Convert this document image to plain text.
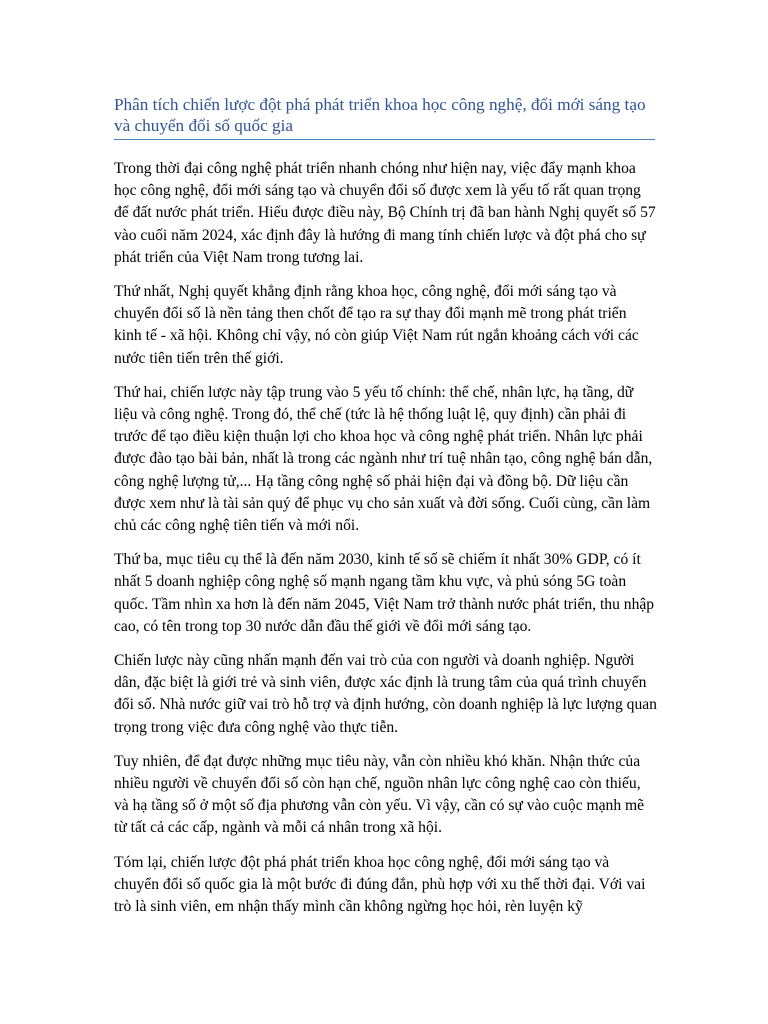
Phân tích chiến lược đột phá phát triển khoa học công nghệ, đổi mới sáng tạo và chuyển đổi số quốc gia

Trong thời đại công nghệ phát triển nhanh chóng như hiện nay, việc đẩy mạnh khoa học công nghệ, đổi mới sáng tạo và chuyển đổi số được xem là yếu tố rất quan trọng để đất nước phát triển. Hiểu được điều này, Bộ Chính trị đã ban hành Nghị quyết số 57 vào cuối năm 2024, xác định đây là hướng đi mang tính chiến lược và đột phá cho sự phát triển của Việt Nam trong tương lai.

Thứ nhất, Nghị quyết khẳng định rằng khoa học, công nghệ, đổi mới sáng tạo và chuyển đổi số là nền tảng then chốt để tạo ra sự thay đổi mạnh mẽ trong phát triển kinh tế - xã hội. Không chỉ vậy, nó còn giúp Việt Nam rút ngắn khoảng cách với các nước tiên tiến trên thế giới.

Thứ hai, chiến lược này tập trung vào 5 yếu tố chính: thể chế, nhân lực, hạ tầng, dữ liệu và công nghệ. Trong đó, thể chế (tức là hệ thống luật lệ, quy định) cần phải đi trước để tạo điều kiện thuận lợi cho khoa học và công nghệ phát triển. Nhân lực phải được đào tạo bài bản, nhất là trong các ngành như trí tuệ nhân tạo, công nghệ bán dẫn, công nghệ lượng tử,... Hạ tầng công nghệ số phải hiện đại và đồng bộ. Dữ liệu cần được xem như là tài sản quý để phục vụ cho sản xuất và đời sống. Cuối cùng, cần làm chủ các công nghệ tiên tiến và mới nổi.

Thứ ba, mục tiêu cụ thể là đến năm 2030, kinh tế số sẽ chiếm ít nhất 30% GDP, có ít nhất 5 doanh nghiệp công nghệ số mạnh ngang tầm khu vực, và phủ sóng 5G toàn quốc. Tầm nhìn xa hơn là đến năm 2045, Việt Nam trở thành nước phát triển, thu nhập cao, có tên trong top 30 nước dẫn đầu thế giới về đổi mới sáng tạo.

Chiến lược này cũng nhấn mạnh đến vai trò của con người và doanh nghiệp. Người dân, đặc biệt là giới trẻ và sinh viên, được xác định là trung tâm của quá trình chuyển đổi số. Nhà nước giữ vai trò hỗ trợ và định hướng, còn doanh nghiệp là lực lượng quan trọng trong việc đưa công nghệ vào thực tiễn.

Tuy nhiên, để đạt được những mục tiêu này, vẫn còn nhiều khó khăn. Nhận thức của nhiều người về chuyển đổi số còn hạn chế, nguồn nhân lực công nghệ cao còn thiếu, và hạ tầng số ở một số địa phương vẫn còn yếu. Vì vậy, cần có sự vào cuộc mạnh mẽ từ tất cả các cấp, ngành và mỗi cá nhân trong xã hội.

Tóm lại, chiến lược đột phá phát triển khoa học công nghệ, đổi mới sáng tạo và chuyển đổi số quốc gia là một bước đi đúng đắn, phù hợp với xu thế thời đại. Với vai trò là sinh viên, em nhận thấy mình cần không ngừng học hỏi, rèn luyện kỹ
